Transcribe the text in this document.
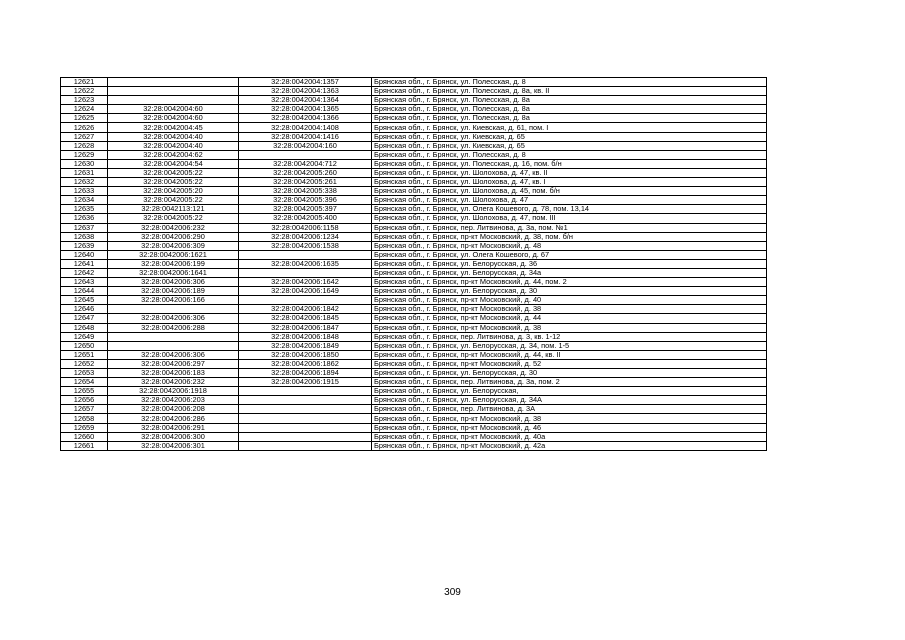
12621		32:28:0042004:1357	Брянская обл., г. Брянск, ул. Полесская, д. 8
12622		32:28:0042004:1363	Брянская обл., г. Брянск, ул. Полесская, д. 8а, кв. II
12623		32:28:0042004:1364	Брянская обл., г. Брянск, ул. Полесская, д. 8а
12624	32:28:0042004:60	32:28:0042004:1365	Брянская обл., г. Брянск, ул. Полесская, д. 8а
12625	32:28:0042004:60	32:28:0042004:1366	Брянская обл., г. Брянск, ул. Полесская, д. 8а
12626	32:28:0042004:45	32:28:0042004:1408	Брянская обл., г. Брянск, ул. Киевская, д. 61, пом. I
12627	32:28:0042004:40	32:28:0042004:1416	Брянская обл., г. Брянск, ул. Киевская, д. 65
12628	32:28:0042004:40	32:28:0042004:160	Брянская обл., г. Брянск, ул. Киевская, д. 65
12629	32:28:0042004:62		Брянская обл., г. Брянск, ул. Полесская, д. 8
12630	32:28:0042004:54	32:28:0042004:712	Брянская обл., г. Брянск, ул. Полесская, д. 16, пом. б/н
12631	32:28:0042005:22	32:28:0042005:260	Брянская обл., г. Брянск, ул. Шолохова, д. 47, кв. II
12632	32:28:0042005:22	32:28:0042005:261	Брянская обл., г. Брянск, ул. Шолохова, д. 47, кв. I
12633	32:28:0042005:20	32:28:0042005:338	Брянская обл., г. Брянск, ул. Шолохова, д. 45, пом. б/н
12634	32:28:0042005:22	32:28:0042005:396	Брянская обл., г. Брянск, ул. Шолохова, д. 47
12635	32:28:0042113:121	32:28:0042005:397	Брянская обл., г. Брянск, ул. Олега Кошевого, д. 78, пом. 13,14
12636	32:28:0042005:22	32:28:0042005:400	Брянская обл., г. Брянск, ул. Шолохова, д. 47, пом. III
12637	32:28:0042006:232	32:28:0042006:1158	Брянская обл., г. Брянск, пер. Литвинова, д. 3а, пом. №1
12638	32:28:0042006:290	32:28:0042006:1234	Брянская обл., г. Брянск, пр-кт Московский, д. 38, пом. б/н
12639	32:28:0042006:309	32:28:0042006:1538	Брянская обл., г. Брянск, пр-кт Московский, д. 48
12640	32:28:0042006:1621		Брянская обл., г. Брянск, ул. Олега Кошевого, д. 67
12641	32:28:0042006:199	32:28:0042006:1635	Брянская обл., г. Брянск, ул. Белорусская, д. 36
12642	32:28:0042006:1641		Брянская обл., г. Брянск, ул. Белорусская, д. 34а
12643	32:28:0042006:306	32:28:0042006:1642	Брянская обл., г. Брянск, пр-кт Московский, д. 44, пом. 2
12644	32:28:0042006:189	32:28:0042006:1649	Брянская обл., г. Брянск, ул. Белорусская, д. 30
12645	32:28:0042006:166		Брянская обл., г. Брянск, пр-кт Московский, д. 40
12646		32:28:0042006:1842	Брянская обл., г. Брянск, пр-кт Московский, д. 38
12647	32:28:0042006:306	32:28:0042006:1845	Брянская обл., г. Брянск, пр-кт Московский, д. 44
12648	32:28:0042006:288	32:28:0042006:1847	Брянская обл., г. Брянск, пр-кт Московский, д. 38
12649		32:28:0042006:1848	Брянская обл., г. Брянск, пер. Литвинова, д. 3, кв. 1-12
12650		32:28:0042006:1849	Брянская обл., г. Брянск, ул. Белорусская, д. 34, пом. 1-5
12651	32:28:0042006:306	32:28:0042006:1850	Брянская обл., г. Брянск, пр-кт Московский, д. 44, кв. II
12652	32:28:0042006:297	32:28:0042006:1862	Брянская обл., г. Брянск, пр-кт Московский, д. 52
12653	32:28:0042006:183	32:28:0042006:1894	Брянская обл., г. Брянск, ул. Белорусская, д. 30
12654	32:28:0042006:232	32:28:0042006:1915	Брянская обл., г. Брянск, пер. Литвинова, д. 3а, пом. 2
12655	32:28:0042006:1918		Брянская обл., г. Брянск, ул. Белорусская,
12656	32:28:0042006:203		Брянская обл., г. Брянск, ул. Белорусская, д. 34А
12657	32:28:0042006:208		Брянская обл., г. Брянск, пер. Литвинова, д. 3А
12658	32:28:0042006:286		Брянская обл., г. Брянск, пр-кт Московский, д. 38
12659	32:28:0042006:291		Брянская обл., г. Брянск, пр-кт Московский, д. 46
12660	32:28:0042006:300		Брянская обл., г. Брянск, пр-кт Московский, д. 40а
12661	32:28:0042006:301		Брянская обл., г. Брянск, пр-кт Московский, д. 42а
309
